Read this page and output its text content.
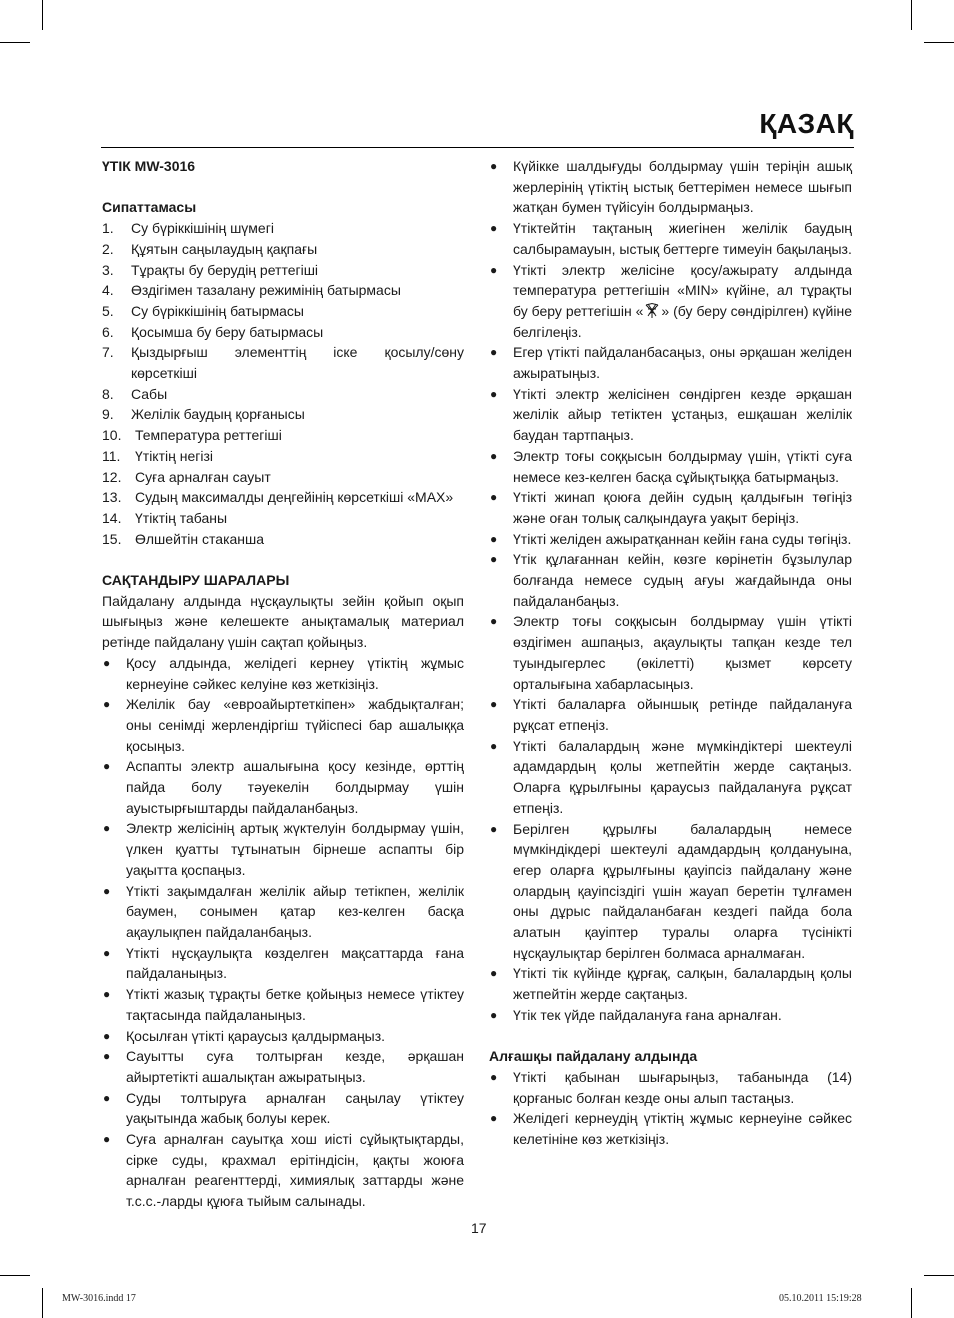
ҚАЗАҚ

ҮТІК MW-3016

Сипаттамасы

1.	Су бүріккішінің шүмегі
2.	Құятын саңылаудың қақпағы
3.	Тұрақты бу берудің реттегіші
4.	Өздігімен тазалану режимінің батырмасы
5.	Су бүріккішінің батырмасы
6.	Қосымша бу беру батырмасы
7.	Қыздырғыш элементтің іске қосылу/сөну көрсеткіші
8.	Сабы
9.	Желілік баудың қорғанысы
10. Температура реттегіші
11.	Үтіктің негізі
12. Суға арналған сауыт
13. Судың максималды деңгейінің көрсеткіші «MAX»
14. Үтіктің табаны
15. Өлшейтін стаканша

САҚТАНДЫРУ ШАРАЛАРЫ

Пайдалану алдында нұсқаулықты зейін қойып оқып шығыңыз және келешекте анықтамалық материал ретінде пайдалану үшін сақтап қойыңыз.

●	Қосу алдында, желідегі кернеу үтіктің жұмыс кернеуіне сәйкес келуіне көз жеткізіңіз.
●	Желілік бау «евроайыртеткіпен» жабдықталған; оны сенімді жерлендіргіш түйіспесі бар ашалыққа қосыңыз.
●	Аспапты электр ашалығына қосу кезінде, өрттің пайда болу тәуекелін болдырмау үшін ауыстырғыштарды пайдаланбаңыз.
●	Электр желісінің артық жүктелуін болдырмау үшін, үлкен қуатты тұтынатын бірнеше аспапты бір уақытта қоспаңыз.
●	Үтікті зақымдалған желілік айыр тетікпен, желілік баумен, сонымен қатар кез-келген басқа ақаулықпен пайдаланбаңыз.
●	Үтікті нұсқаулықта көзделген мақсаттарда ғана пайдаланыңыз.
●	Үтікті жазық тұрақты бетке қойыңыз немесе үтіктеу тақтасында пайдаланыңыз.
●	Қосылған үтікті қараусыз қалдырмаңыз.
●	Сауытты суға толтырған кезде, әрқашан айыртетікті ашалықтан ажыратыңыз.
●	Суды толтыруға арналған саңылау үтіктеу уақытында жабық болуы керек.
●	Суға арналған сауытқа хош иісті сұйықтықтарды, сірке суды, крахмал ерітіндісін, қақты жоюға арналған реагенттерді, химиялық заттарды және т.с.с.-ларды құюға тыйым салынады.
●	Күйікке шалдығуды болдырмау үшін теріңін ашық жерлерінің үтіктің ыстық беттерімен немесе шығып жатқан бумен түйісуін болдырмаңыз.
●	Үтіктейтін тақтаның жиегінен желілік баудың салбырамауын, ыстық беттерге тимеуін бақылаңыз.
●	Үтікті электр желісіне қосу/ажырату алдында температура реттегішін «MIN» күйіне, ал тұрақты бу беру реттегішін « » (бу беру сөндірілген) күйіне белгілеңіз.
●	Егер үтікті пайдаланбасаңыз, оны әрқашан желіден ажыратыңыз.
●	Үтікті электр желісінен сөндірген кезде әрқашан желілік айыр тетіктен ұстаңыз, ешқашан желілік баудан тартпаңыз.
●	Электр тоғы соққысын болдырмау үшін, үтікті суға немесе кез-келген басқа сұйықтыққа батырмаңыз.
●	Үтікті жинап қоюға дейін судың қалдығын төгіңіз және оған толық салқындауға уақыт беріңіз.
●	Үтікті желіден ажыратқаннан кейін ғана суды төгіңіз.
●	Үтік құлағаннан кейін, көзге көрінетін бұзылулар болғанда немесе судың ағуы жағдайында оны пайдаланбаңыз.
●	Электр тоғы соққысын болдырмау үшін үтікті өздігімен ашпаңыз, ақаулықты тапқан кезде тел туындыгерлес (өкілетті) қызмет көрсету орталығына хабарласыңыз.
●	Үтікті балаларға ойыншық ретінде пайдалануға рұқсат етпеңіз.
●	Үтікті балалардың және мүмкіндіктері шектеулі адамдардың қолы жетпейтін жерде сақтаңыз. Оларға құрылғыны қараусыз пайдалануға рұқсат етпеңіз.
●	Берілген құрылғы балалардың немесе мүмкіндікдері шектеулі адамдардың қолдануына, егер оларға құрылғыны қауіпсіз пайдалану және олардың қауіпсіздігі үшін жауап беретін тұлғамен оны дұрыс пайдаланбаған кездегі пайда бола алатын қауіптер туралы оларға түсінікті нұсқаулықтар берілген болмаса арналмаған.
●	Үтікті тік күйінде құрғақ, салқын, балалардың қолы жетпейтін жерде сақтаңыз.
●	Үтік тек үйде пайдалануға ғана арналған.

Алғашқы пайдалану алдында

●	Үтікті қабынан шығарыңыз, табанында (14) қорғаныс болған кезде оны алып тастаңыз.
●	Желідегі кернеудің үтіктің жұмыс кернеуіне сәйкес келетініне көз жеткізіңіз.
17
MW-3016.indd 17	05.10.2011 15:19:28
